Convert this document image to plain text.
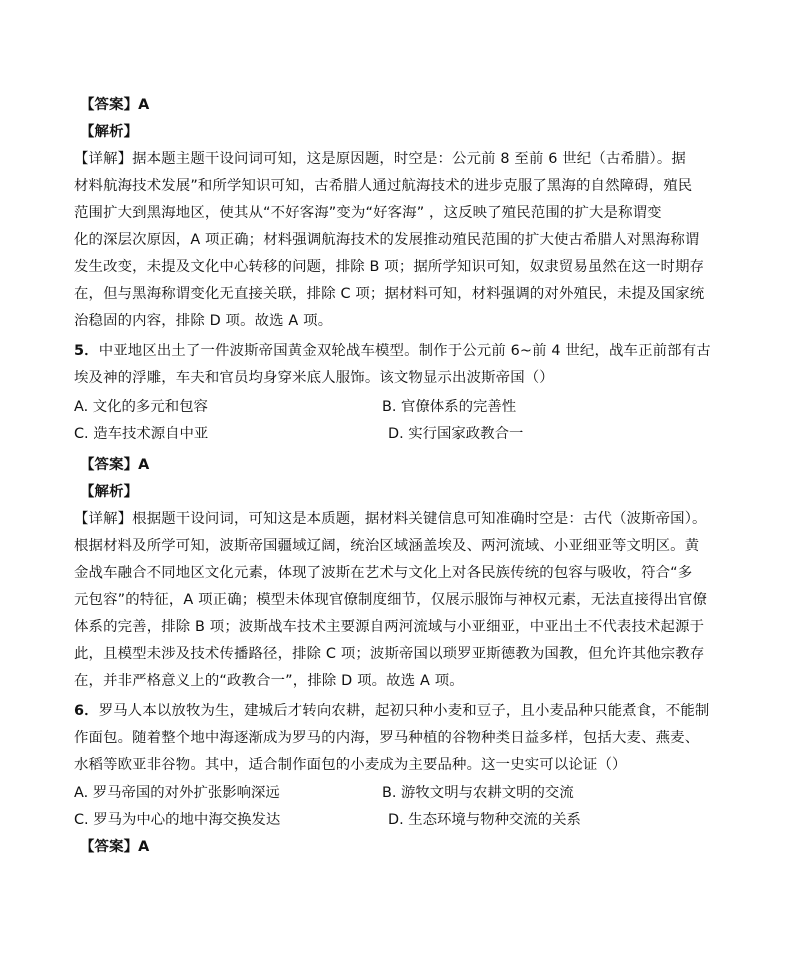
【答案】A
【解析】
【详解】据本题主题干设问词可知，这是原因题，时空是：公元前 8 至前 6 世纪（古希腊）。据
材料航海技术发展”和所学知识可知，古希腊人通过航海技术的进步克服了黑海的自然障碍，殖民
范围扩大到黑海地区，使其从“不好客海”变为“好客海” ，这反映了殖民范围的扩大是称谓变
化的深层次原因，A 项正确；材料强调航海技术的发展推动殖民范围的扩大使古希腊人对黑海称谓
发生改变，未提及文化中心转移的问题，排除 B 项；据所学知识可知，奴隶贸易虽然在这一时期存
在，但与黑海称谓变化无直接关联，排除 C 项；据材料可知，材料强调的对外殖民，未提及国家统
治稳固的内容，排除 D 项。故选 A 项。
5．中亚地区出土了一件波斯帝国黄金双轮战车模型。制作于公元前 6~前 4 世纪，战车正前部有古
埃及神的浮雕，车夫和官员均身穿米底人服饰。该文物显示出波斯帝国（）
A. 文化的多元和包容	B. 官僚体系的完善性
C. 造车技术源自中亚	D. 实行国家政教合一
【答案】A
【解析】
【详解】根据题干设问词，可知这是本质题，据材料关键信息可知准确时空是：古代（波斯帝国）。
根据材料及所学可知，波斯帝国疆域辽阔，统治区域涵盖埃及、两河流域、小亚细亚等文明区。黄
金战车融合不同地区文化元素，体现了波斯在艺术与文化上对各民族传统的包容与吸收，符合“多
元包容”的特征，A 项正确；模型未体现官僚制度细节，仅展示服饰与神权元素，无法直接得出官僚
体系的完善，排除 B 项；波斯战车技术主要源自两河流域与小亚细亚，中亚出土不代表技术起源于
此，且模型未涉及技术传播路径，排除 C 项；波斯帝国以琐罗亚斯德教为国教，但允许其他宗教存
在，并非严格意义上的“政教合一”，排除 D 项。故选 A 项。
6．罗马人本以放牧为生，建城后才转向农耕，起初只种小麦和豆子，且小麦品种只能煮食，不能制
作面包。随着整个地中海逐渐成为罗马的内海，罗马种植的谷物种类日益多样，包括大麦、燕麦、
水稻等欧亚非谷物。其中，适合制作面包的小麦成为主要品种。这一史实可以论证（）
A. 罗马帝国的对外扩张影响深远	B. 游牧文明与农耕文明的交流
C. 罗马为中心的地中海交换发达	D. 生态环境与物种交流的关系
【答案】A
